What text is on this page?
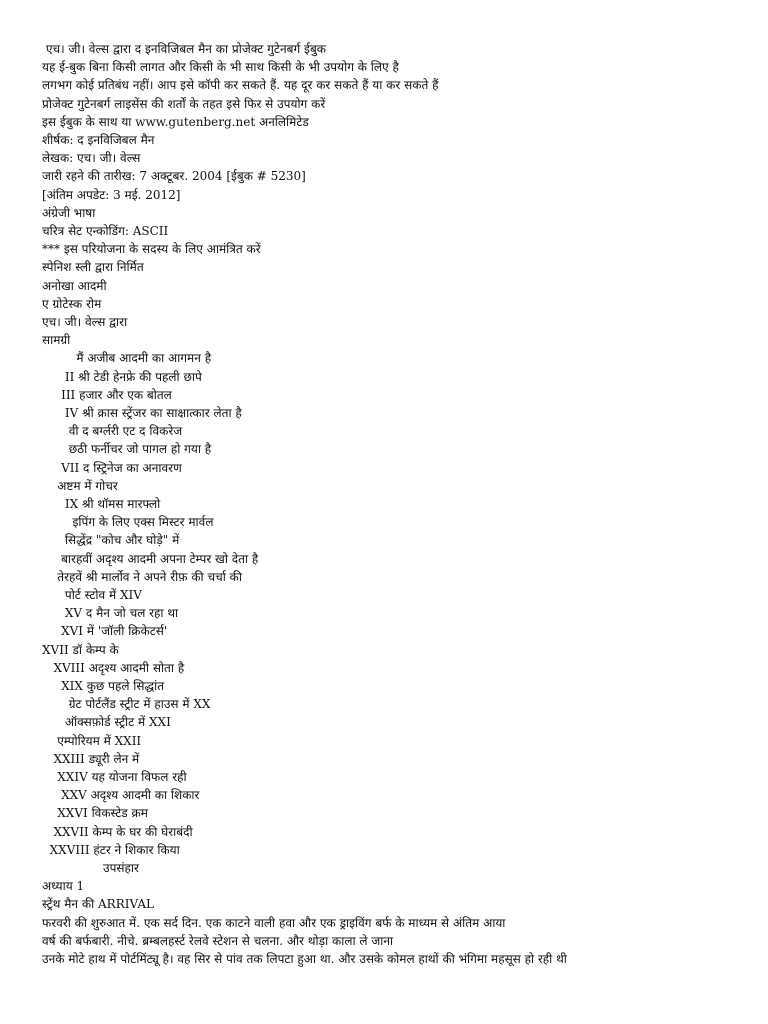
एच। जी। वेल्स द्वारा द इनविजिबल मैन का प्रोजेक्ट गुटेनबर्ग ईबुक
यह ई-बुक बिना किसी लागत और किसी के भी साथ किसी के भी उपयोग के लिए है
लगभग कोई प्रतिबंध नहीं। आप इसे कॉपी कर सकते हैं. यह दूर कर सकते हैं या कर सकते हैं
प्रोजेक्ट गुटेनबर्ग लाइसेंस की शर्तों के तहत इसे फिर से उपयोग करें
इस ईबुक के साथ या www.gutenberg.net अनलिमिटेड
शीर्षक: द इनविजिबल मैन
लेखक: एच। जी। वेल्स
जारी रहने की तारीख: 7 अक्टूबर. 2004 [ईबुक # 5230]
[अंतिम अपडेट: 3 मई. 2012]
अंग्रेजी भाषा
चरित्र सेट एन्कोडिंग: ASCII
*** इस परियोजना के सदस्य के लिए आमंत्रित करें
स्पेनिश स्ली द्वारा निर्मित
अनोखा आदमी
ए ग्रोटेस्क रोम
एच। जी। वेल्स द्वारा
सामग्री
मैं अजीब आदमी का आगमन है
II श्री टेडी हेनफ्रे की पहली छापे
III हजार और एक बोतल
IV श्री क्रास स्ट्रेंजर का साक्षात्कार लेता है
वी द बर्ग्लरी एट द विकरेज
छठी फर्नीचर जो पागल हो गया है
VII द स्ट्रिनेज का अनावरण
अष्टम में गोचर
IX श्री थॉमस मारफ्लो
इपिंग के लिए एक्स मिस्टर मार्वल
सिद्धेंद्र "कोच और घोड़े" में
बारहवीं अदृश्य आदमी अपना टेम्पर खो देता है
तेरहवें श्री मार्लोव ने अपने रीफ़ की चर्चा की
पोर्ट स्टोव में XIV
XV द मैन जो चल रहा था
XVI में 'जॉली क्रिकेटर्स'
XVII डॉ केम्प के
XVIII अदृश्य आदमी सोता है
XIX कुछ पहले सिद्धांत
ग्रेट पोर्टलैंड स्ट्रीट में हाउस में XX
ऑक्सफ़ोर्ड स्ट्रीट में XXI
एम्पोरियम में XXII
XXIII ड्यूरी लेन में
XXIV यह योजना विफल रही
XXV अदृश्य आदमी का शिकार
XXVI विकस्टेड क्रम
XXVII केम्प के घर की घेराबंदी
XXVIII हंटर ने शिकार किया
उपसंहार
अध्याय 1
स्ट्रेंथ मैन की ARRIVAL
फरवरी की शुरुआत में. एक सर्द दिन. एक काटने वाली हवा और एक ड्राइविंग बर्फ के माध्यम से अंतिम आया
वर्ष की बर्फबारी. नीचे. ब्रम्बलहर्स्ट रेलवे स्टेशन से चलना. और थोड़ा काला ले जाना
उनके मोटे हाथ में पोर्टमिंट्यू है। वह सिर से पांव तक लिपटा हुआ था. और उसके कोमल हाथों की भंगिमा महसूस हो रही थी
